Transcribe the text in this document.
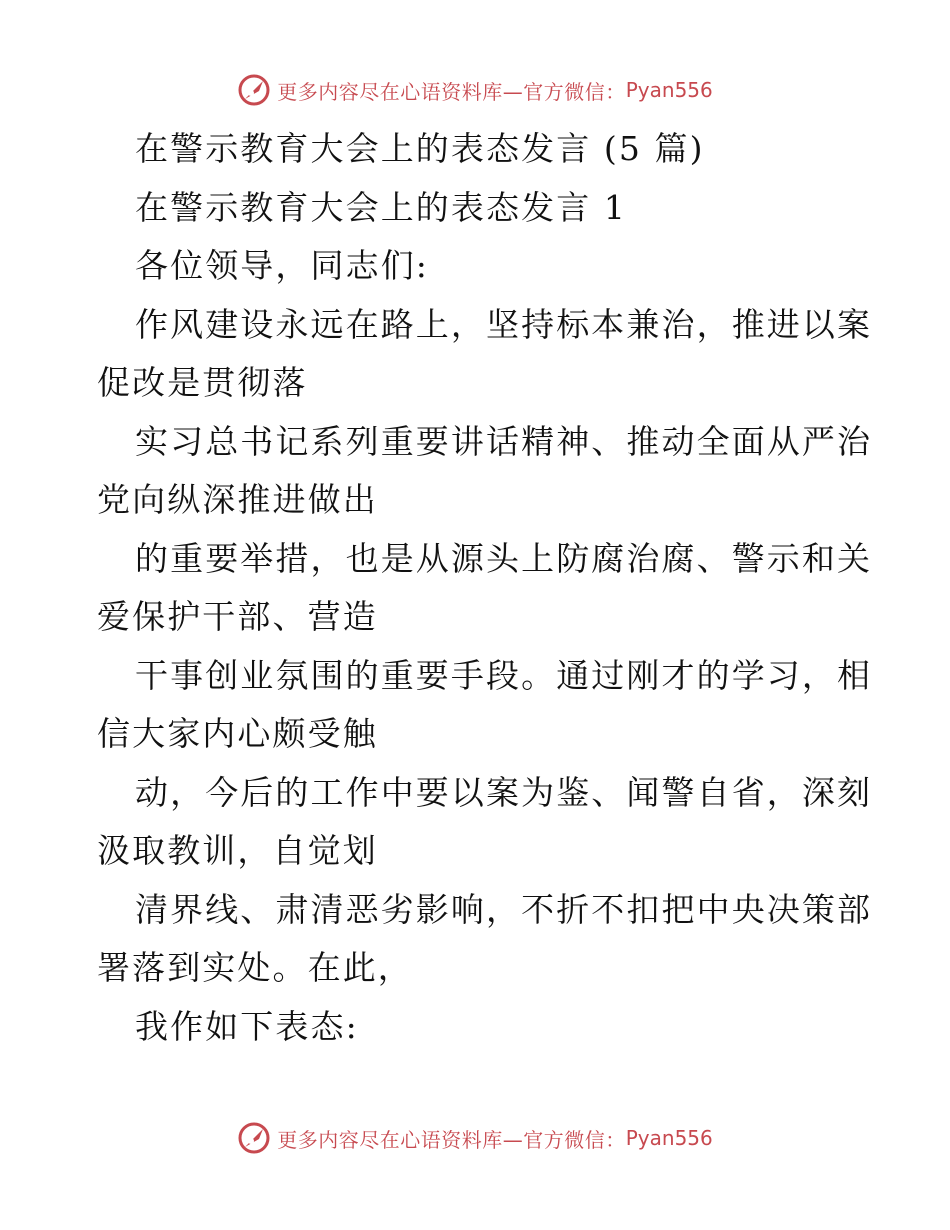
更多内容尽在心语资料库—官方微信： Pyan556
在警示教育大会上的表态发言 (5 篇)
在警示教育大会上的表态发言 1
各位领导，同志们:
作风建设永远在路上，坚持标本兼治，推进以案
促改是贯彻落
实习总书记系列重要讲话精神、推动全面从严治
党向纵深推进做出
的重要举措，也是从源头上防腐治腐、警示和关
爱保护干部、营造
干事创业氛围的重要手段。通过刚才的学习，相
信大家内心颇受触
动，今后的工作中要以案为鉴、闻警自省，深刻
汲取教训，自觉划
清界线、肃清恶劣影响，不折不扣把中央决策部
署落到实处。在此，
我作如下表态:
更多内容尽在心语资料库—官方微信： Pyan556
